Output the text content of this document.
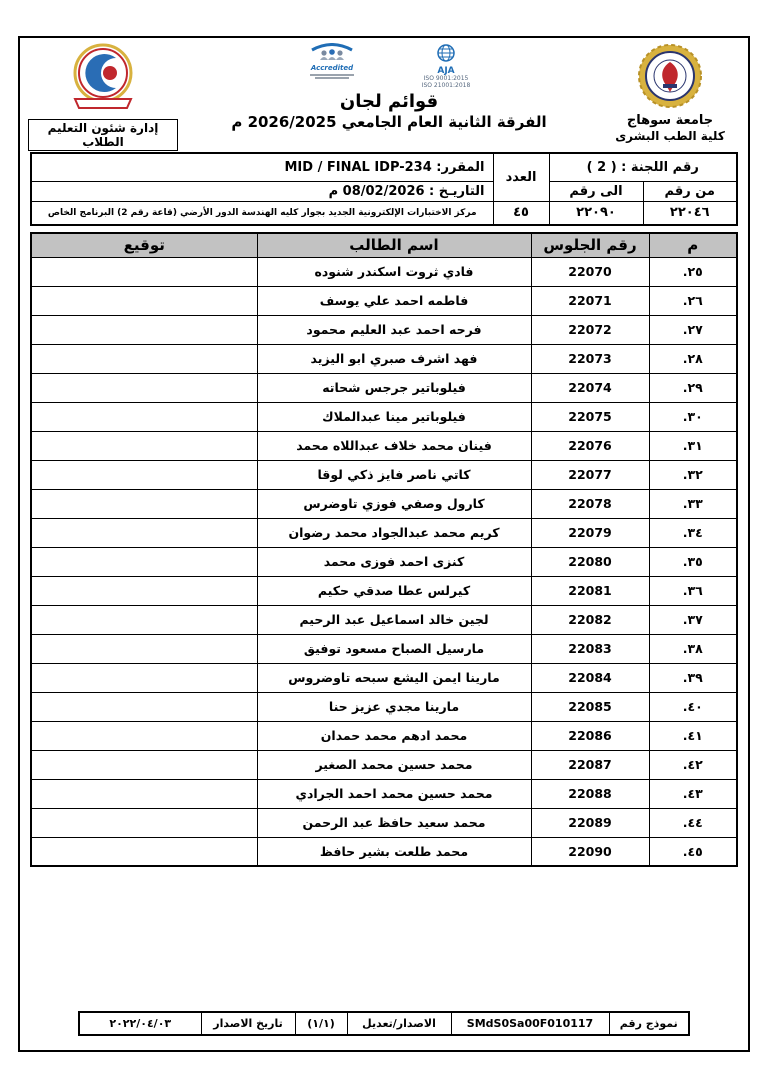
جامعة سوهاج
كلية الطب البشرى
Accredited	AJA
ISO 9001:2015
ISO 21001:2018
قوائم لجان
الفرقة الثانية العام الجامعي 2026/2025 م
إدارة شئون التعليم الطلاب
رقم اللجنة : ( 2 )		العدد	المقرر: MID / FINAL IDP-234
من رقم	الى رقم		التاريـخ : 08/02/2026 م
٢٢٠٤٦	٢٢٠٩٠	٤٥	مركز الاختبارات الإلكترونية الجديد بجوار كليه الهندسة الدور الأرضي (قاعة رقم 2) البرنامج الخاص
م	رقم الجلوس	اسم الطالب	توقيع
٢٥.	22070	فادي ثروت اسكندر شنوده	
٢٦.	22071	فاطمه احمد علي يوسف	
٢٧.	22072	فرحه احمد عبد العليم محمود	
٢٨.	22073	فهد اشرف صبري ابو اليزيد	
٢٩.	22074	فيلوباتير جرجس شحاته	
٣٠.	22075	فيلوباتير مينا عبدالملاك	
٣١.	22076	فينان محمد خلاف عبداللاه محمد	
٣٢.	22077	كاتي ناصر فايز ذكي لوقا	
٣٣.	22078	كارول وصفي فوزي تاوضرس	
٣٤.	22079	كريم محمد عبدالجواد محمد رضوان	
٣٥.	22080	كنزى احمد فوزى محمد	
٣٦.	22081	كيرلس عطا صدقي حكيم	
٣٧.	22082	لجين خالد اسماعيل عبد الرحيم	
٣٨.	22083	مارسيل الصباح مسعود توفيق	
٣٩.	22084	مارينا ايمن اليشع سبحه تاوضروس	
٤٠.	22085	مارينا مجدي عزيز حنا	
٤١.	22086	محمد ادهم محمد حمدان	
٤٢.	22087	محمد حسين محمد الصغير	
٤٣.	22088	محمد حسين محمد احمد الجرادي	
٤٤.	22089	محمد سعيد حافظ عبد الرحمن	
٤٥.	22090	محمد طلعت بشير حافظ	
نموذج رقم	SMdS0Sa00F010117	الاصدار/تعديل	(١/١)	تاريخ الاصدار	٢٠٢٢/٠٤/٠٣
